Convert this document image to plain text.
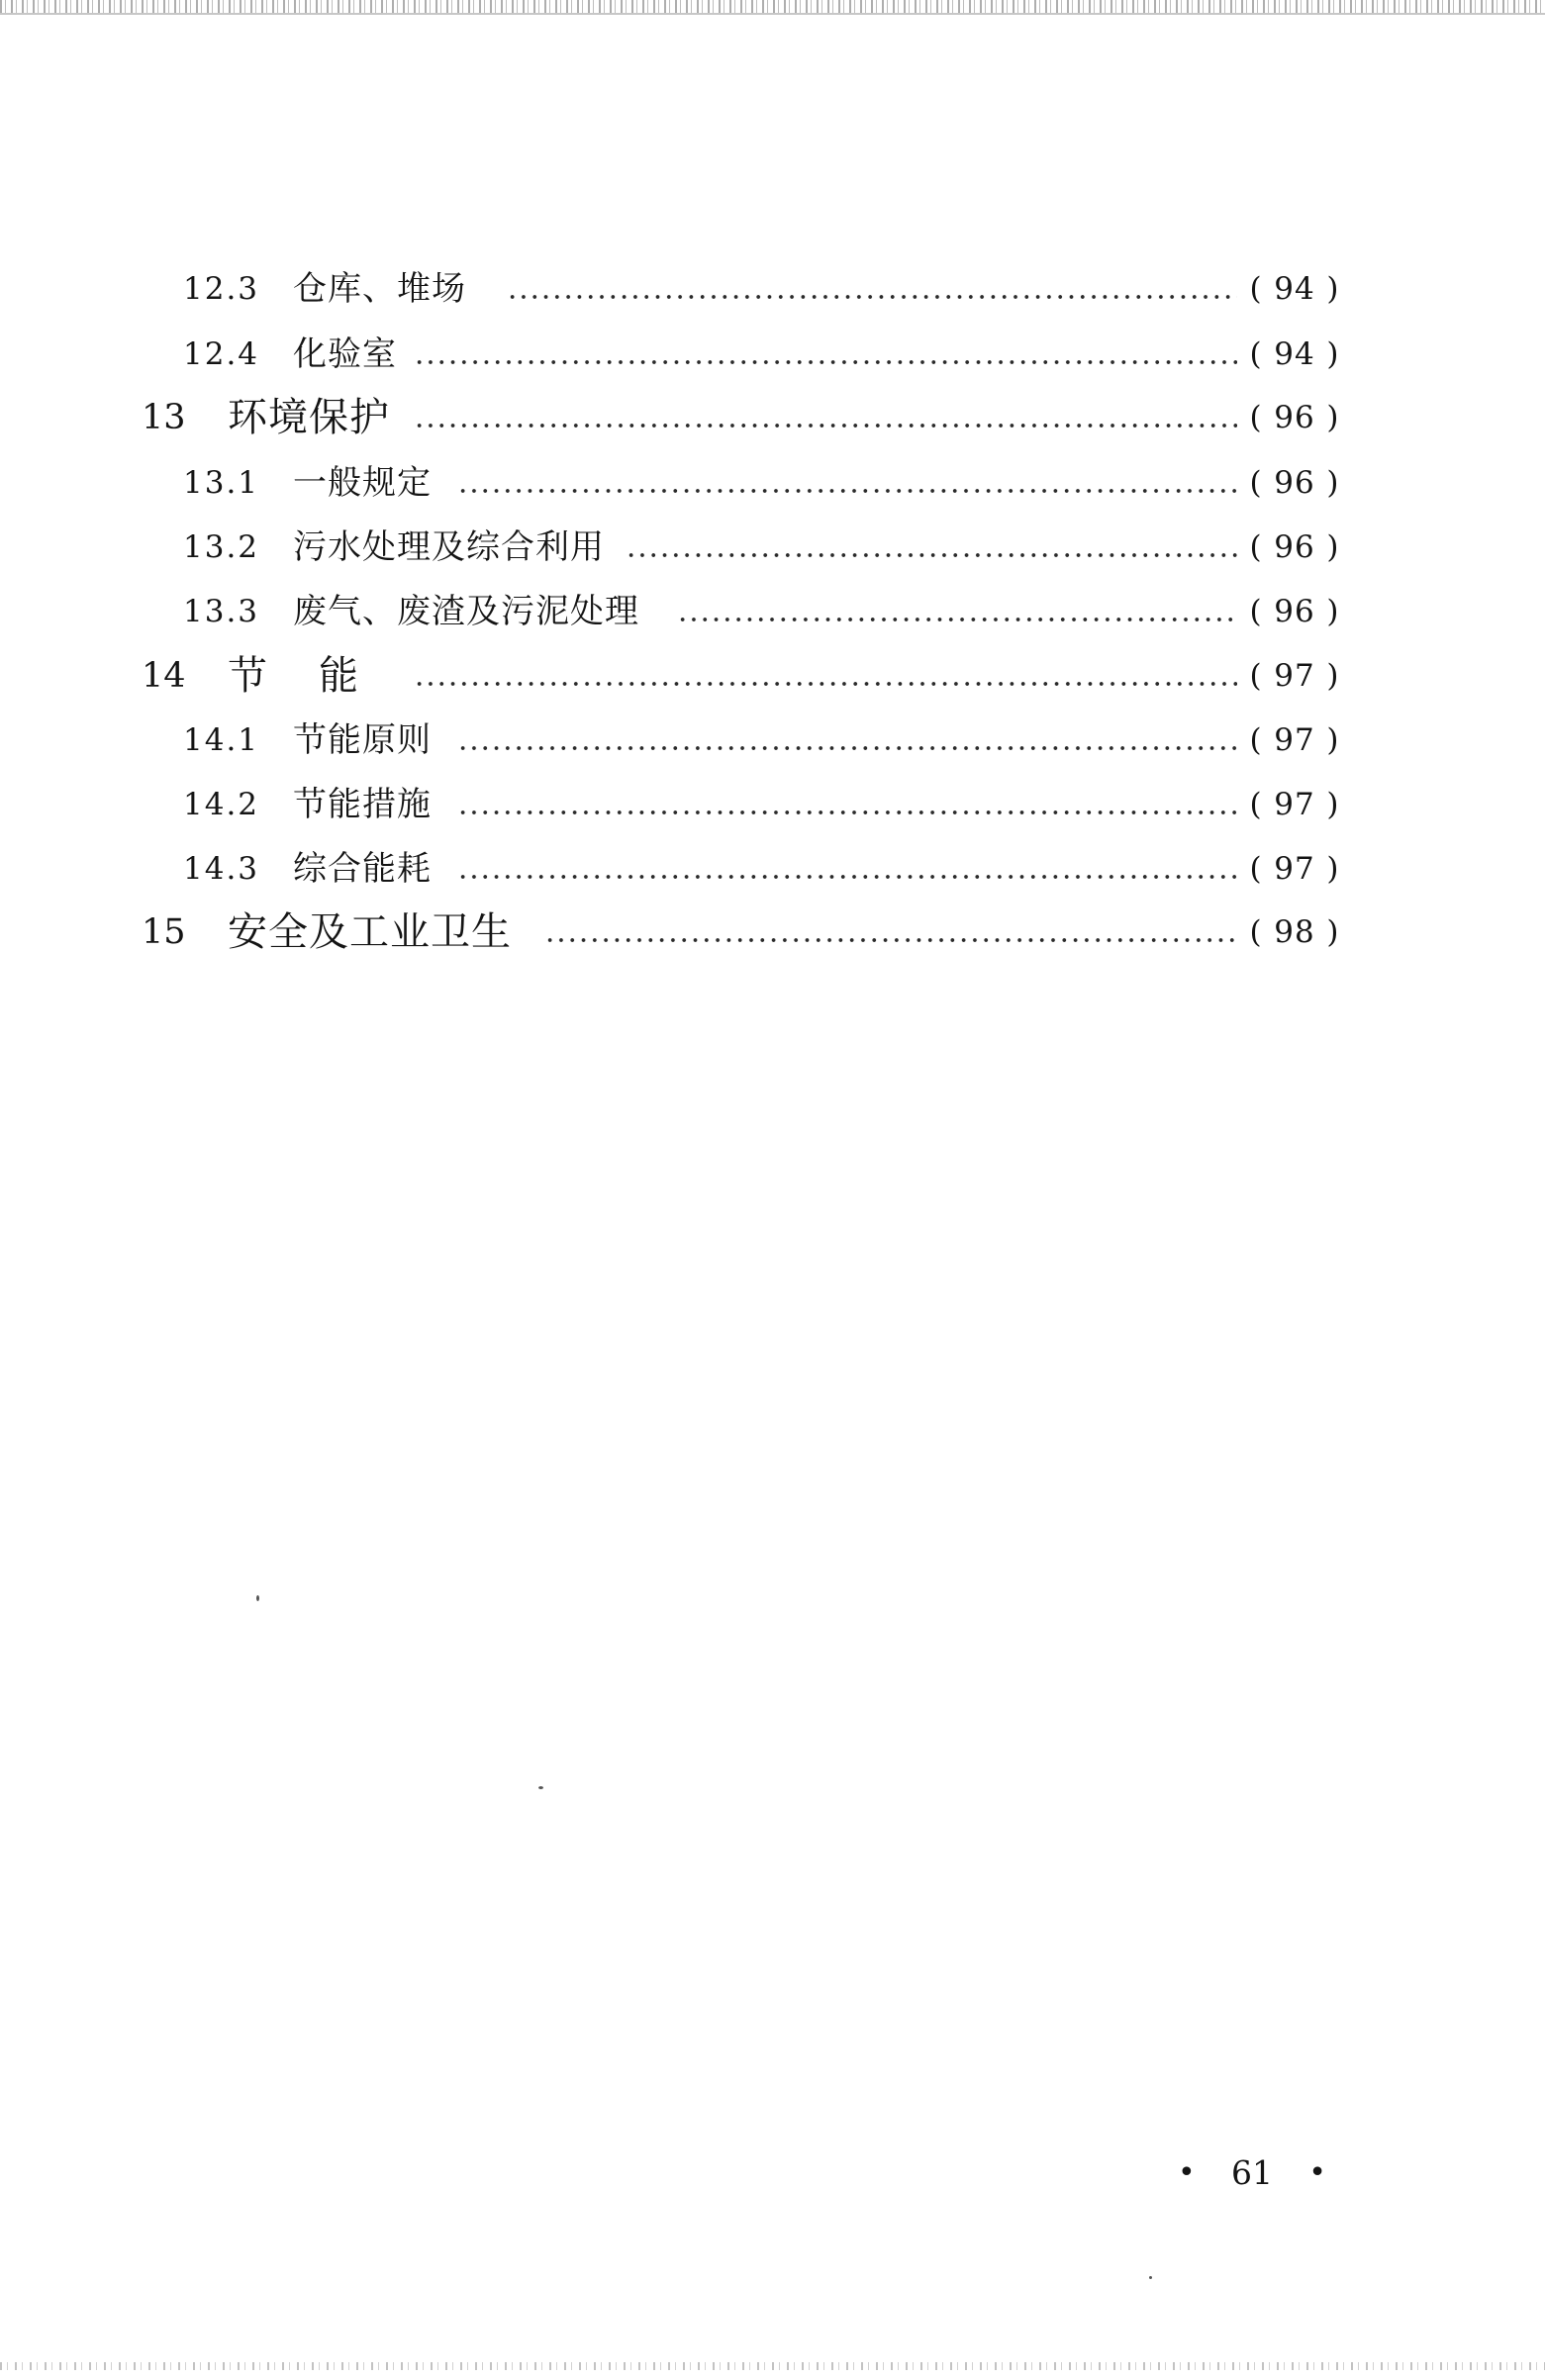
12.3 仓库、堆场	( 94 )
12.4 化验室	( 94 )
13 环境保护	( 96 )
13.1 一般规定	( 96 )
13.2 污水处理及综合利用	( 96 )
13.3 废气、废渣及污泥处理	( 96 )
14 节　能	( 97 )
14.1 节能原则	( 97 )
14.2 节能措施	( 97 )
14.3 综合能耗	( 97 )
15 安全及工业卫生	( 98 )
• 61 •
